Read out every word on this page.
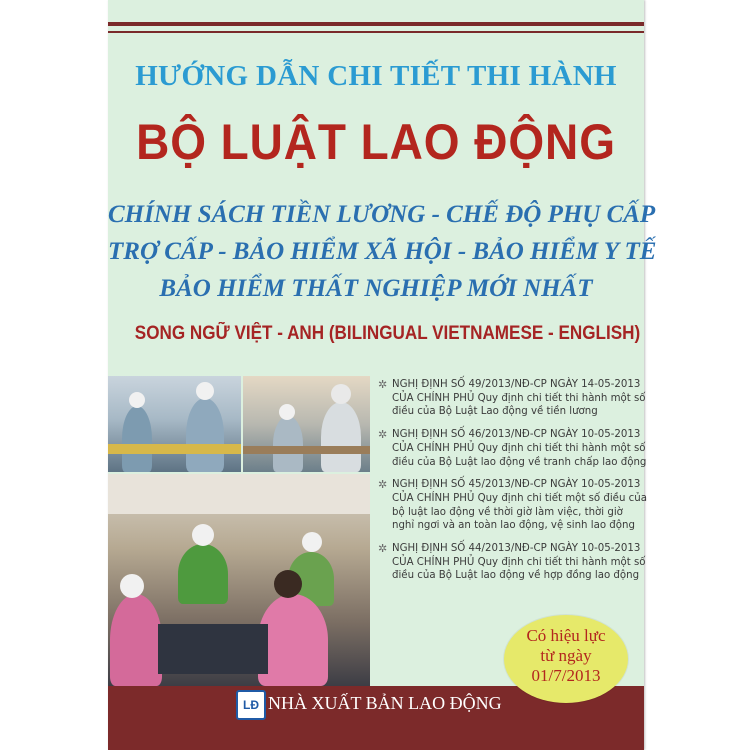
HƯỚNG DẪN CHI TIẾT THI HÀNH
BỘ LUẬT LAO ĐỘNG
CHÍNH SÁCH TIỀN LƯƠNG - CHẾ ĐỘ PHỤ CẤP
TRỢ CẤP - BẢO HIỂM XÃ HỘI - BẢO HIỂM Y TẾ
BẢO HIỂM THẤT NGHIỆP MỚI NHẤT
SONG NGỮ VIỆT - ANH (BILINGUAL VIETNAMESE - ENGLISH)
✲ NGHỊ ĐỊNH SỐ 49/2013/NĐ-CP NGÀY 14-05-2013
CỦA CHÍNH PHỦ Quy định chi tiết thi hành một số
điều của Bộ Luật Lao động về tiền lương
✲ NGHỊ ĐỊNH SỐ 46/2013/NĐ-CP NGÀY 10-05-2013
CỦA CHÍNH PHỦ Quy định chi tiết thi hành một số
điều của Bộ Luật lao động về tranh chấp lao động
✲ NGHỊ ĐỊNH SỐ 45/2013/NĐ-CP NGÀY 10-05-2013
CỦA CHÍNH PHỦ Quy định chi tiết một số điều của
bộ luật lao động về thời giờ làm việc, thời giờ
nghỉ ngơi và an toàn lao động, vệ sinh lao động
✲ NGHỊ ĐỊNH SỐ 44/2013/NĐ-CP NGÀY 10-05-2013
CỦA CHÍNH PHỦ Quy định chi tiết thi hành một số
điều của Bộ Luật lao động về hợp đồng lao động
Có hiệu lực
từ ngày
01/7/2013
LĐ NHÀ XUẤT BẢN LAO ĐỘNG
